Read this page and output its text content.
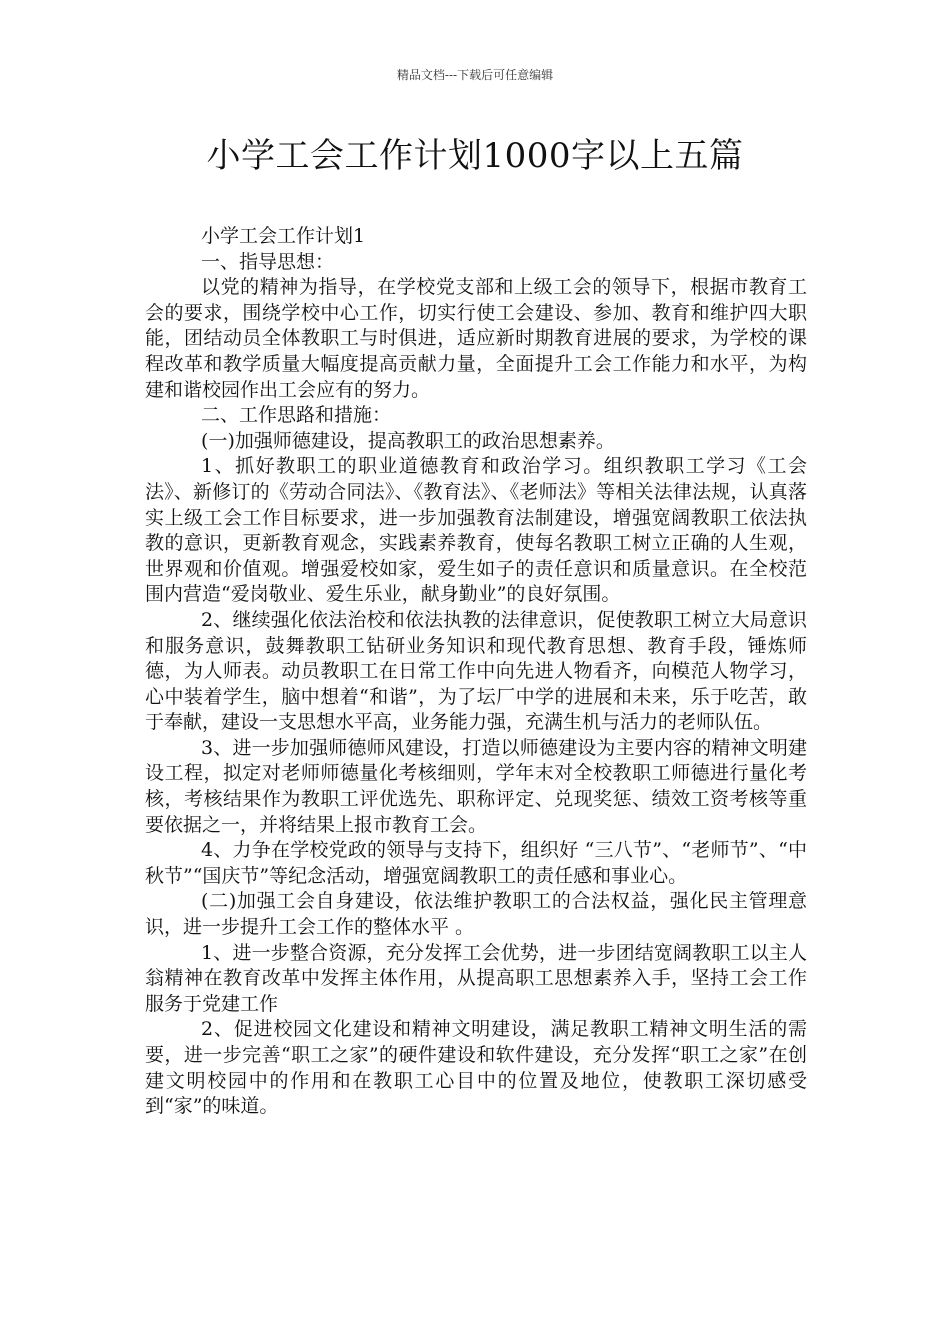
精品文档---下载后可任意编辑
小学工会工作计划1000字以上五篇

小学工会工作计划1

一、指导思想：

以党的精神为指导，在学校党支部和上级工会的领导下，根据市教育工会的要求，围绕学校中心工作，切实行使工会建设、参加、教育和维护四大职能，团结动员全体教职工与时俱进，适应新时期教育进展的要求，为学校的课程改革和教学质量大幅度提高贡献力量，全面提升工会工作能力和水平，为构建和谐校园作出工会应有的努力。

二、工作思路和措施：

(一)加强师德建设，提高教职工的政治思想素养。

1、抓好教职工的职业道德教育和政治学习。组织教职工学习《工会法》、新修订的《劳动合同法》、《教育法》、《老师法》等相关法律法规，认真落实上级工会工作目标要求，进一步加强教育法制建设，增强宽阔教职工依法执教的意识，更新教育观念，实践素养教育，使每名教职工树立正确的人生观，世界观和价值观。增强爱校如家，爱生如子的责任意识和质量意识。在全校范围内营造“爱岗敬业、爱生乐业，献身勤业”的良好氛围。

2、继续强化依法治校和依法执教的法律意识，促使教职工树立大局意识和服务意识，鼓舞教职工钻研业务知识和现代教育思想、教育手段，锤炼师德，为人师表。动员教职工在日常工作中向先进人物看齐，向模范人物学习，心中装着学生，脑中想着“和谐”，为了坛厂中学的进展和未来，乐于吃苦，敢于奉献，建设一支思想水平高，业务能力强，充满生机与活力的老师队伍。

3、进一步加强师德师风建设，打造以师德建设为主要内容的精神文明建设工程，拟定对老师师德量化考核细则，学年末对全校教职工师德进行量化考核，考核结果作为教职工评优选先、职称评定、兑现奖惩、绩效工资考核等重要依据之一，并将结果上报市教育工会。

4、力争在学校党政的领导与支持下，组织好 “三八节”、“老师节”、“中秋节”“国庆节”等纪念活动，增强宽阔教职工的责任感和事业心。

(二)加强工会自身建设，依法维护教职工的合法权益，强化民主管理意识，进一步提升工会工作的整体水平 。

1、进一步整合资源，充分发挥工会优势，进一步团结宽阔教职工以主人翁精神在教育改革中发挥主体作用，从提高职工思想素养入手，坚持工会工作服务于党建工作

2、促进校园文化建设和精神文明建设，满足教职工精神文明生活的需要，进一步完善“职工之家”的硬件建设和软件建设，充分发挥“职工之家”在创建文明校园中的作用和在教职工心目中的位置及地位，使教职工深切感受到“家”的味道。
